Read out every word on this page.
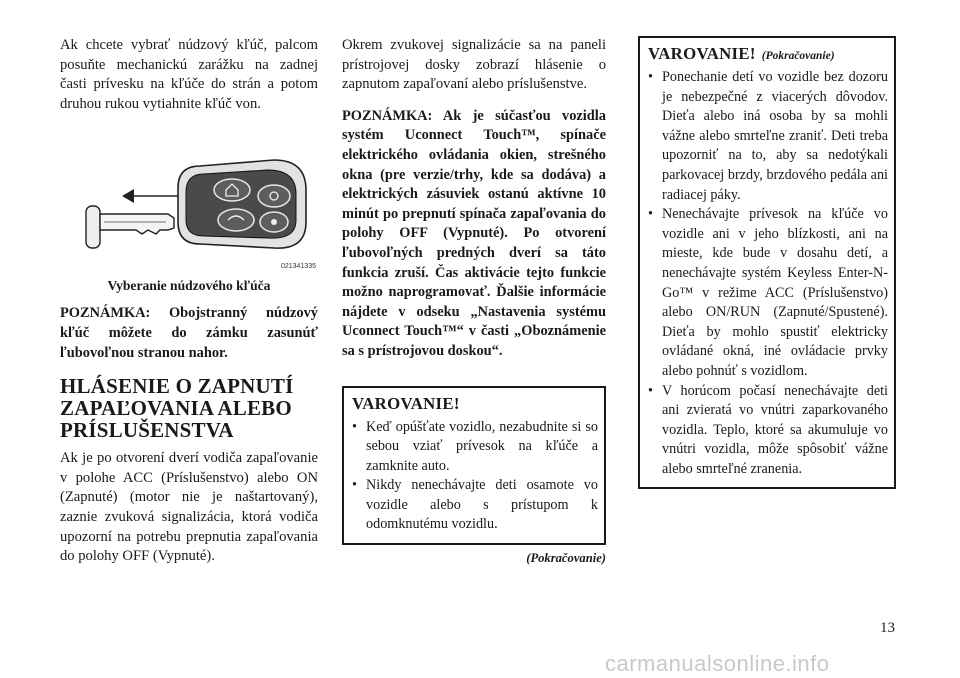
Ak chcete vybrať núdzový kľúč, palcom posuňte mechanickú zarážku na zadnej časti prívesku na kľúče do strán a potom druhou rukou vytiahnite kľúč von.

021341335

Vyberanie núdzového kľúča

POZNÁMKA: Obojstranný núdzový kľúč môžete do zámku zasunúť ľubovoľnou stranou nahor.

HLÁSENIE O ZAPNUTÍ ZAPAĽOVANIA ALEBO PRÍSLUŠENSTVA

Ak je po otvorení dverí vodiča zapaľovanie v polohe ACC (Príslušenstvo) alebo ON (Zapnuté) (motor nie je naštartovaný), zaznie zvuková signalizácia, ktorá vodiča upozorní na potrebu prepnutia zapaľovania do polohy OFF (Vypnuté).

Okrem zvukovej signalizácie sa na paneli prístrojovej dosky zobrazí hlásenie o zapnutom zapaľovaní alebo príslušenstve.

POZNÁMKA: Ak je súčasťou vozidla systém Uconnect Touch™, spínače elektrického ovládania okien, strešného okna (pre verzie/trhy, kde sa dodáva) a elektrických zásuviek ostanú aktívne 10 minút po prepnutí spínača zapaľovania do polohy OFF (Vypnuté). Po otvorení ľubovoľných predných dverí sa táto funkcia zruší. Čas aktivácie tejto funkcie možno naprogramovať. Ďalšie informácie nájdete v odseku „Nastavenia systému Uconnect Touch™“ v časti „Oboznámenie sa s prístrojovou doskou“.

VAROVANIE!
• Keď opúšťate vozidlo, nezabudnite si so sebou vziať prívesok na kľúče a zamknite auto.
• Nikdy nenechávajte deti osamote vo vozidle alebo s prístupom k odomknutému vozidlu.

(Pokračovanie)

VAROVANIE! (Pokračovanie)
• Ponechanie detí vo vozidle bez dozoru je nebezpečné z viacerých dôvodov. Dieťa alebo iná osoba by sa mohli vážne alebo smrteľne zraniť. Deti treba upozorniť na to, aby sa nedotýkali parkovacej brzdy, brzdového pedála ani radiacej páky.
• Nenechávajte prívesok na kľúče vo vozidle ani v jeho blízkosti, ani na mieste, kde bude v dosahu detí, a nenechávajte systém Keyless Enter-N-Go™ v režime ACC (Príslušenstvo) alebo ON/RUN (Zapnuté/Spustené). Dieťa by mohlo spustiť elektricky ovládané okná, iné ovládacie prvky alebo pohnúť s vozidlom.
• V horúcom počasí nenechávajte deti ani zvieratá vo vnútri zaparkovaného vozidla. Teplo, ktoré sa akumuluje vo vnútri vozidla, môže spôsobiť vážne alebo smrteľné zranenia.
13
carmanualsonline.info
